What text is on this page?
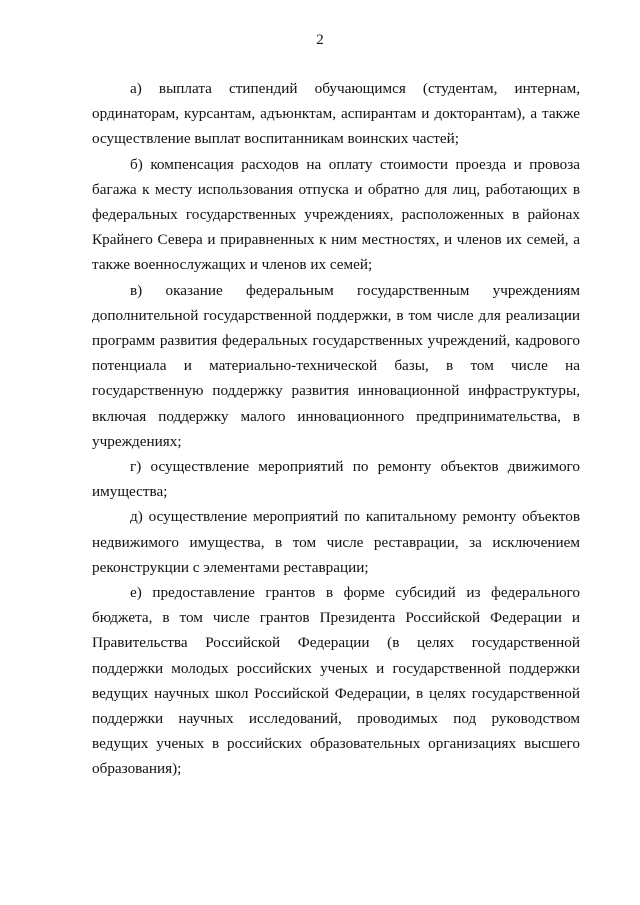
2

а) выплата стипендий обучающимся (студентам, интернам, ординаторам, курсантам, адъюнктам, аспирантам и докторантам), а также осуществление выплат воспитанникам воинских частей;

б) компенсация расходов на оплату стоимости проезда и провоза багажа к месту использования отпуска и обратно для лиц, работающих в федеральных государственных учреждениях, расположенных в районах Крайнего Севера и приравненных к ним местностях, и членов их семей, а также военнослужащих и членов их семей;

в) оказание федеральным государственным учреждениям дополнительной государственной поддержки, в том числе для реализации программ развития федеральных государственных учреждений, кадрового потенциала и материально-технической базы, в том числе на государственную поддержку развития инновационной инфраструктуры, включая поддержку малого инновационного предпринимательства, в учреждениях;

г) осуществление мероприятий по ремонту объектов движимого имущества;

д) осуществление мероприятий по капитальному ремонту объектов недвижимого имущества, в том числе реставрации, за исключением реконструкции с элементами реставрации;

е) предоставление грантов в форме субсидий из федерального бюджета, в том числе грантов Президента Российской Федерации и Правительства Российской Федерации (в целях государственной поддержки молодых российских ученых и государственной поддержки ведущих научных школ Российской Федерации, в целях государственной поддержки научных исследований, проводимых под руководством ведущих ученых в российских образовательных организациях высшего образования);
